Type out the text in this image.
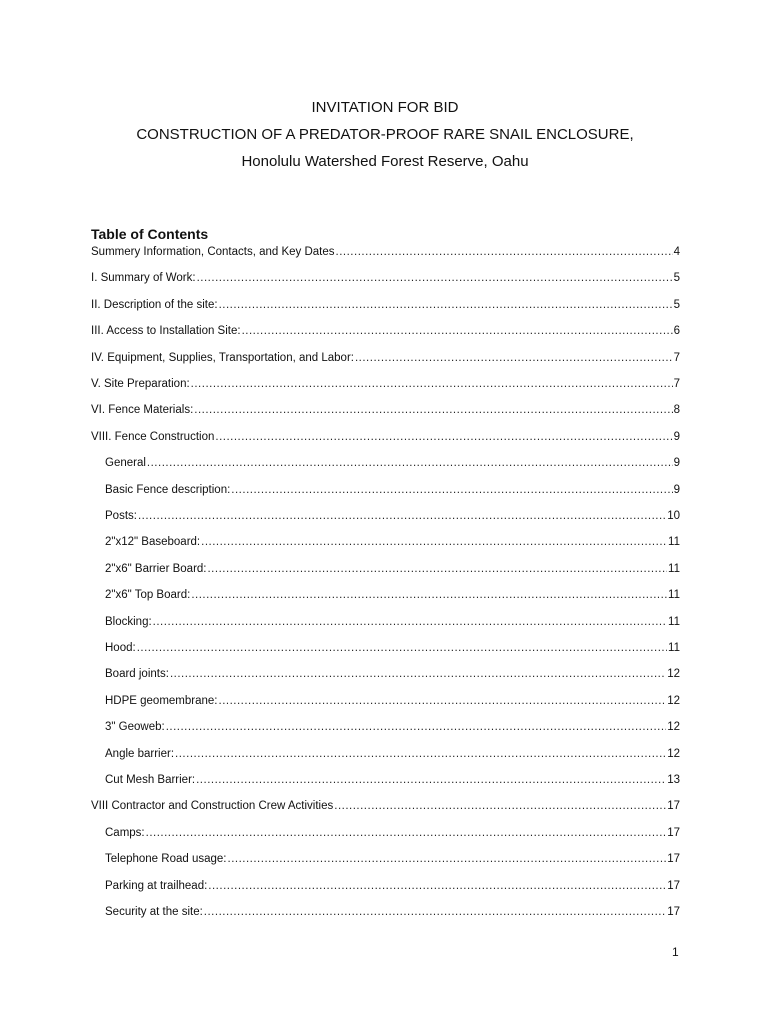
INVITATION FOR BID
CONSTRUCTION OF A PREDATOR-PROOF RARE SNAIL ENCLOSURE,
Honolulu Watershed Forest Reserve, Oahu
Table of Contents
Summery Information, Contacts, and Key Dates .....	4
I. Summary of Work: .....	5
II. Description of the site: .....	5
III. Access to Installation Site: .....	6
IV. Equipment, Supplies, Transportation, and Labor: .....	7
V. Site Preparation: .....	7
VI. Fence Materials: .....	8
VIII. Fence Construction .....	9
General .....	9
Basic Fence description: .....	9
Posts: .....	10
2"x12" Baseboard: .....	11
2"x6" Barrier Board: .....	11
2"x6" Top Board: .....	11
Blocking: .....	11
Hood: .....	11
Board joints: .....	12
HDPE geomembrane: .....	12
3" Geoweb: .....	12
Angle barrier: .....	12
Cut Mesh Barrier: .....	13
VIII Contractor and Construction Crew Activities .....	17
Camps: .....	17
Telephone Road usage: .....	17
Parking at trailhead: .....	17
Security at the site: .....	17
1
